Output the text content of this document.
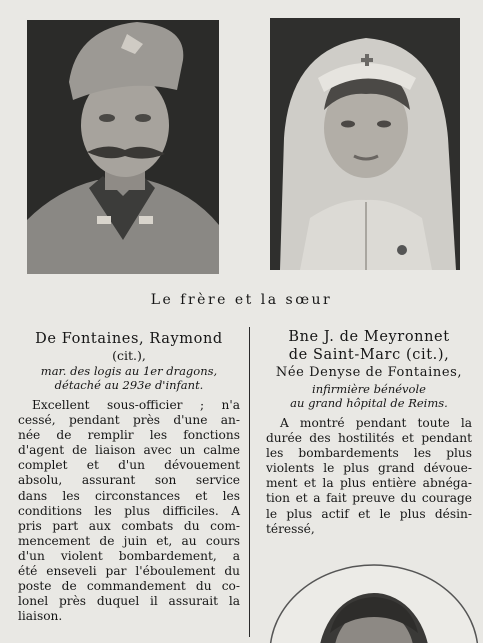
Le frère et la sœur
De Fontaines, Raymond
(cit.),
mar. des logis au 1er dragons,
détaché au 293e d'infant.
Excellent sous-officier ; n'a
cessé, pendant près d'une an-
née de remplir les fonctions
d'agent de liaison avec un calme
complet et d'un dévouement
absolu, assurant son service
dans les circonstances et les
conditions les plus difficiles. A
pris part aux combats du com-
mencement de juin et, au cours
d'un violent bombardement, a
été enseveli par l'éboulement du
poste de commandement du co-
lonel près duquel il assurait la
liaison.
Bne J. de Meyronnet
de Saint-Marc (cit.),
Née Denyse de Fontaines,
infirmière bénévole
au grand hôpital de Reims.
A montré pendant toute la
durée des hostilités et pendant
les bombardements les plus
violents le plus grand dévoue-
ment et la plus entière abnéga-
tion et a fait preuve du courage
le plus actif et le plus désin-
téressé,
